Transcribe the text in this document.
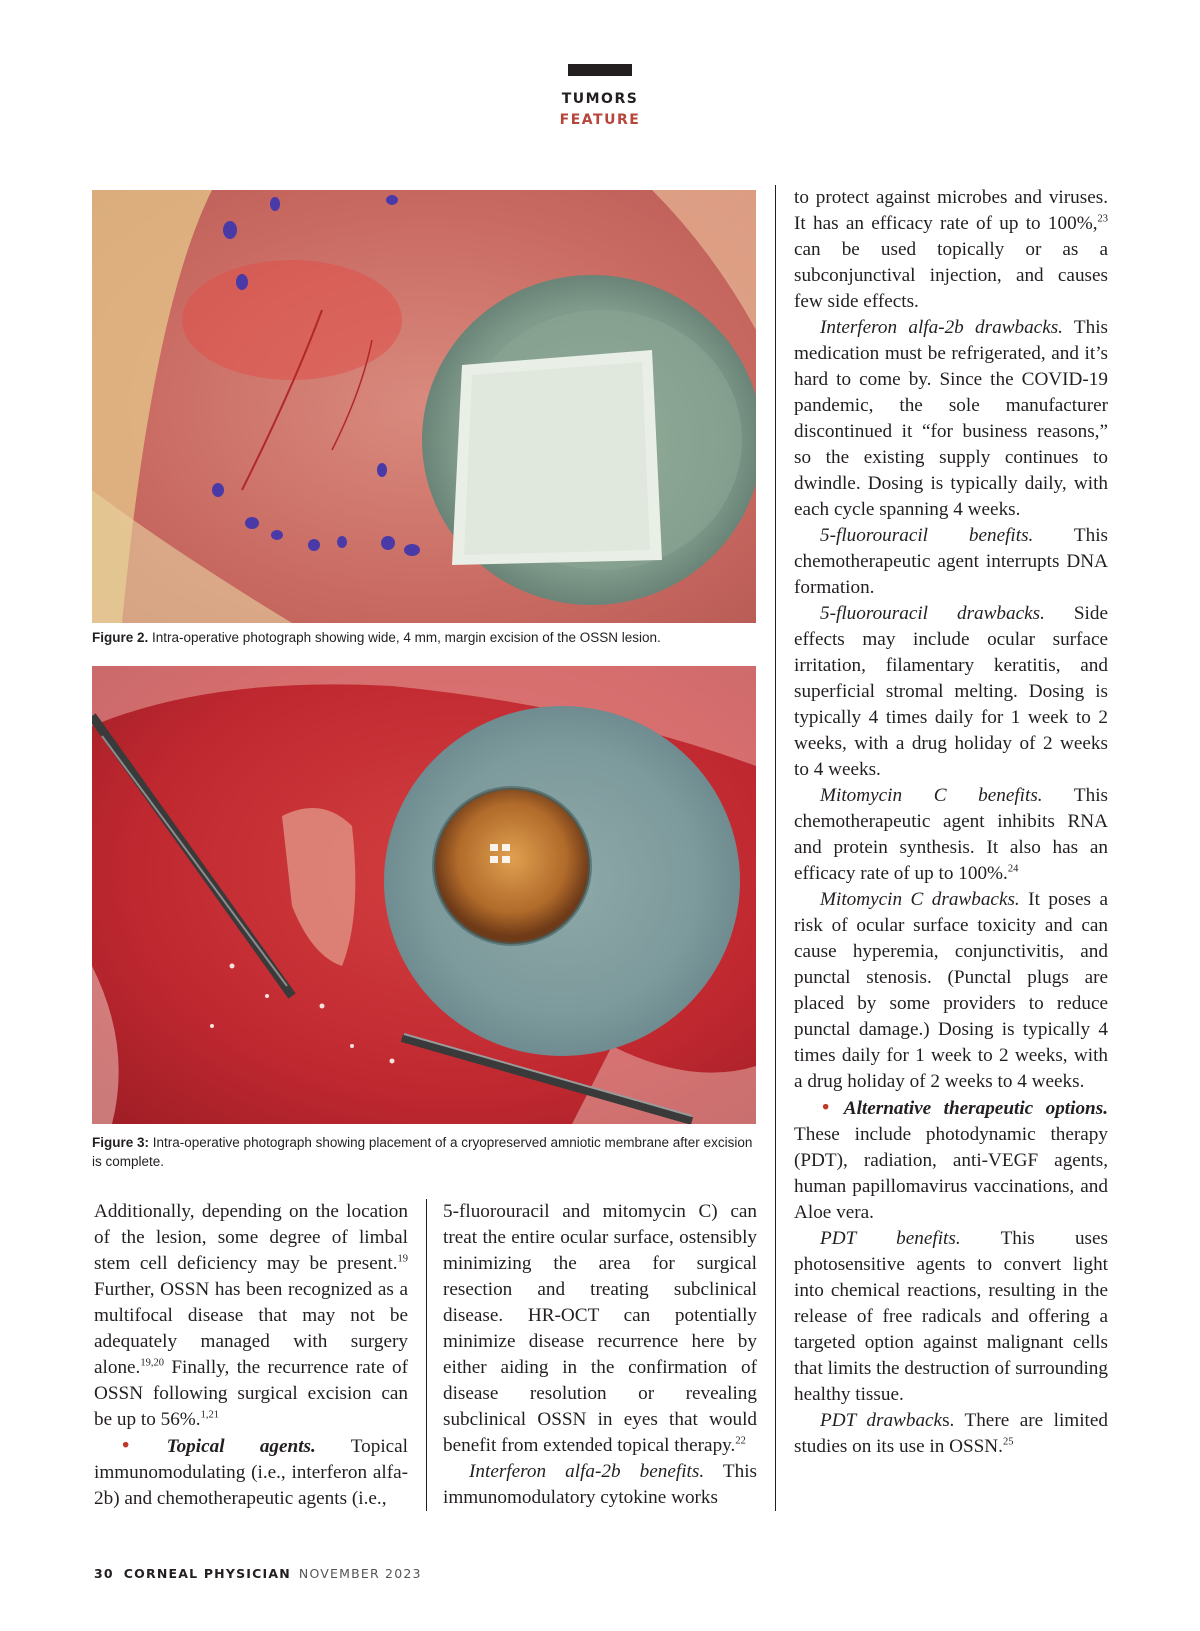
TUMORS
FEATURE
Figure 2. Intra-operative photograph showing wide, 4 mm, margin excision of the OSSN lesion.
Figure 3: Intra-operative photograph showing placement of a cryopreserved amniotic membrane after excision is complete.

Additionally, depending on the location of the lesion, some degree of limbal stem cell deficiency may be present.$^{19}$ Further, OSSN has been recognized as a multifocal disease that may not be adequately managed with surgery alone.$^{19,20}$ Finally, the recurrence rate of OSSN following surgical excision can be up to 56%.$^{1,21}$

• Topical agents. Topical immunomodulating (i.e., interferon alfa-2b) and chemotherapeutic agents (i.e.,

5-fluorouracil and mitomycin C) can treat the entire ocular surface, ostensibly minimizing the area for surgical resection and treating subclinical disease. HR-OCT can potentially minimize disease recurrence here by either aiding in the confirmation of disease resolution or revealing subclinical OSSN in eyes that would benefit from extended topical therapy.$^{22}$

Interferon alfa-2b benefits. This immunomodulatory cytokine works

to protect against microbes and viruses. It has an efficacy rate of up to 100%,$^{23}$ can be used topically or as a subconjunctival injection, and causes few side effects.

Interferon alfa-2b drawbacks. This medication must be refrigerated, and it’s hard to come by. Since the COVID-19 pandemic, the sole manufacturer discontinued it “for business reasons,” so the existing supply continues to dwindle. Dosing is typically daily, with each cycle spanning 4 weeks.

5-fluorouracil benefits. This chemotherapeutic agent interrupts DNA formation.

5-fluorouracil drawbacks. Side effects may include ocular surface irritation, filamentary keratitis, and superficial stromal melting. Dosing is typically 4 times daily for 1 week to 2 weeks, with a drug holiday of 2 weeks to 4 weeks.

Mitomycin C benefits. This chemotherapeutic agent inhibits RNA and protein synthesis. It also has an efficacy rate of up to 100%.$^{24}$

Mitomycin C drawbacks. It poses a risk of ocular surface toxicity and can cause hyperemia, conjunctivitis, and punctal stenosis. (Punctal plugs are placed by some providers to reduce punctal damage.) Dosing is typically 4 times daily for 1 week to 2 weeks, with a drug holiday of 2 weeks to 4 weeks.

• Alternative therapeutic options. These include photodynamic therapy (PDT), radiation, anti-VEGF agents, human papillomavirus vaccinations, and Aloe vera.

PDT benefits. This uses photosensitive agents to convert light into chemical reactions, resulting in the release of free radicals and offering a targeted option against malignant cells that limits the destruction of surrounding healthy tissue.

PDT drawbacks. There are limited studies on its use in OSSN.$^{25}$

30 CORNEAL PHYSICIAN NOVEMBER 2023
